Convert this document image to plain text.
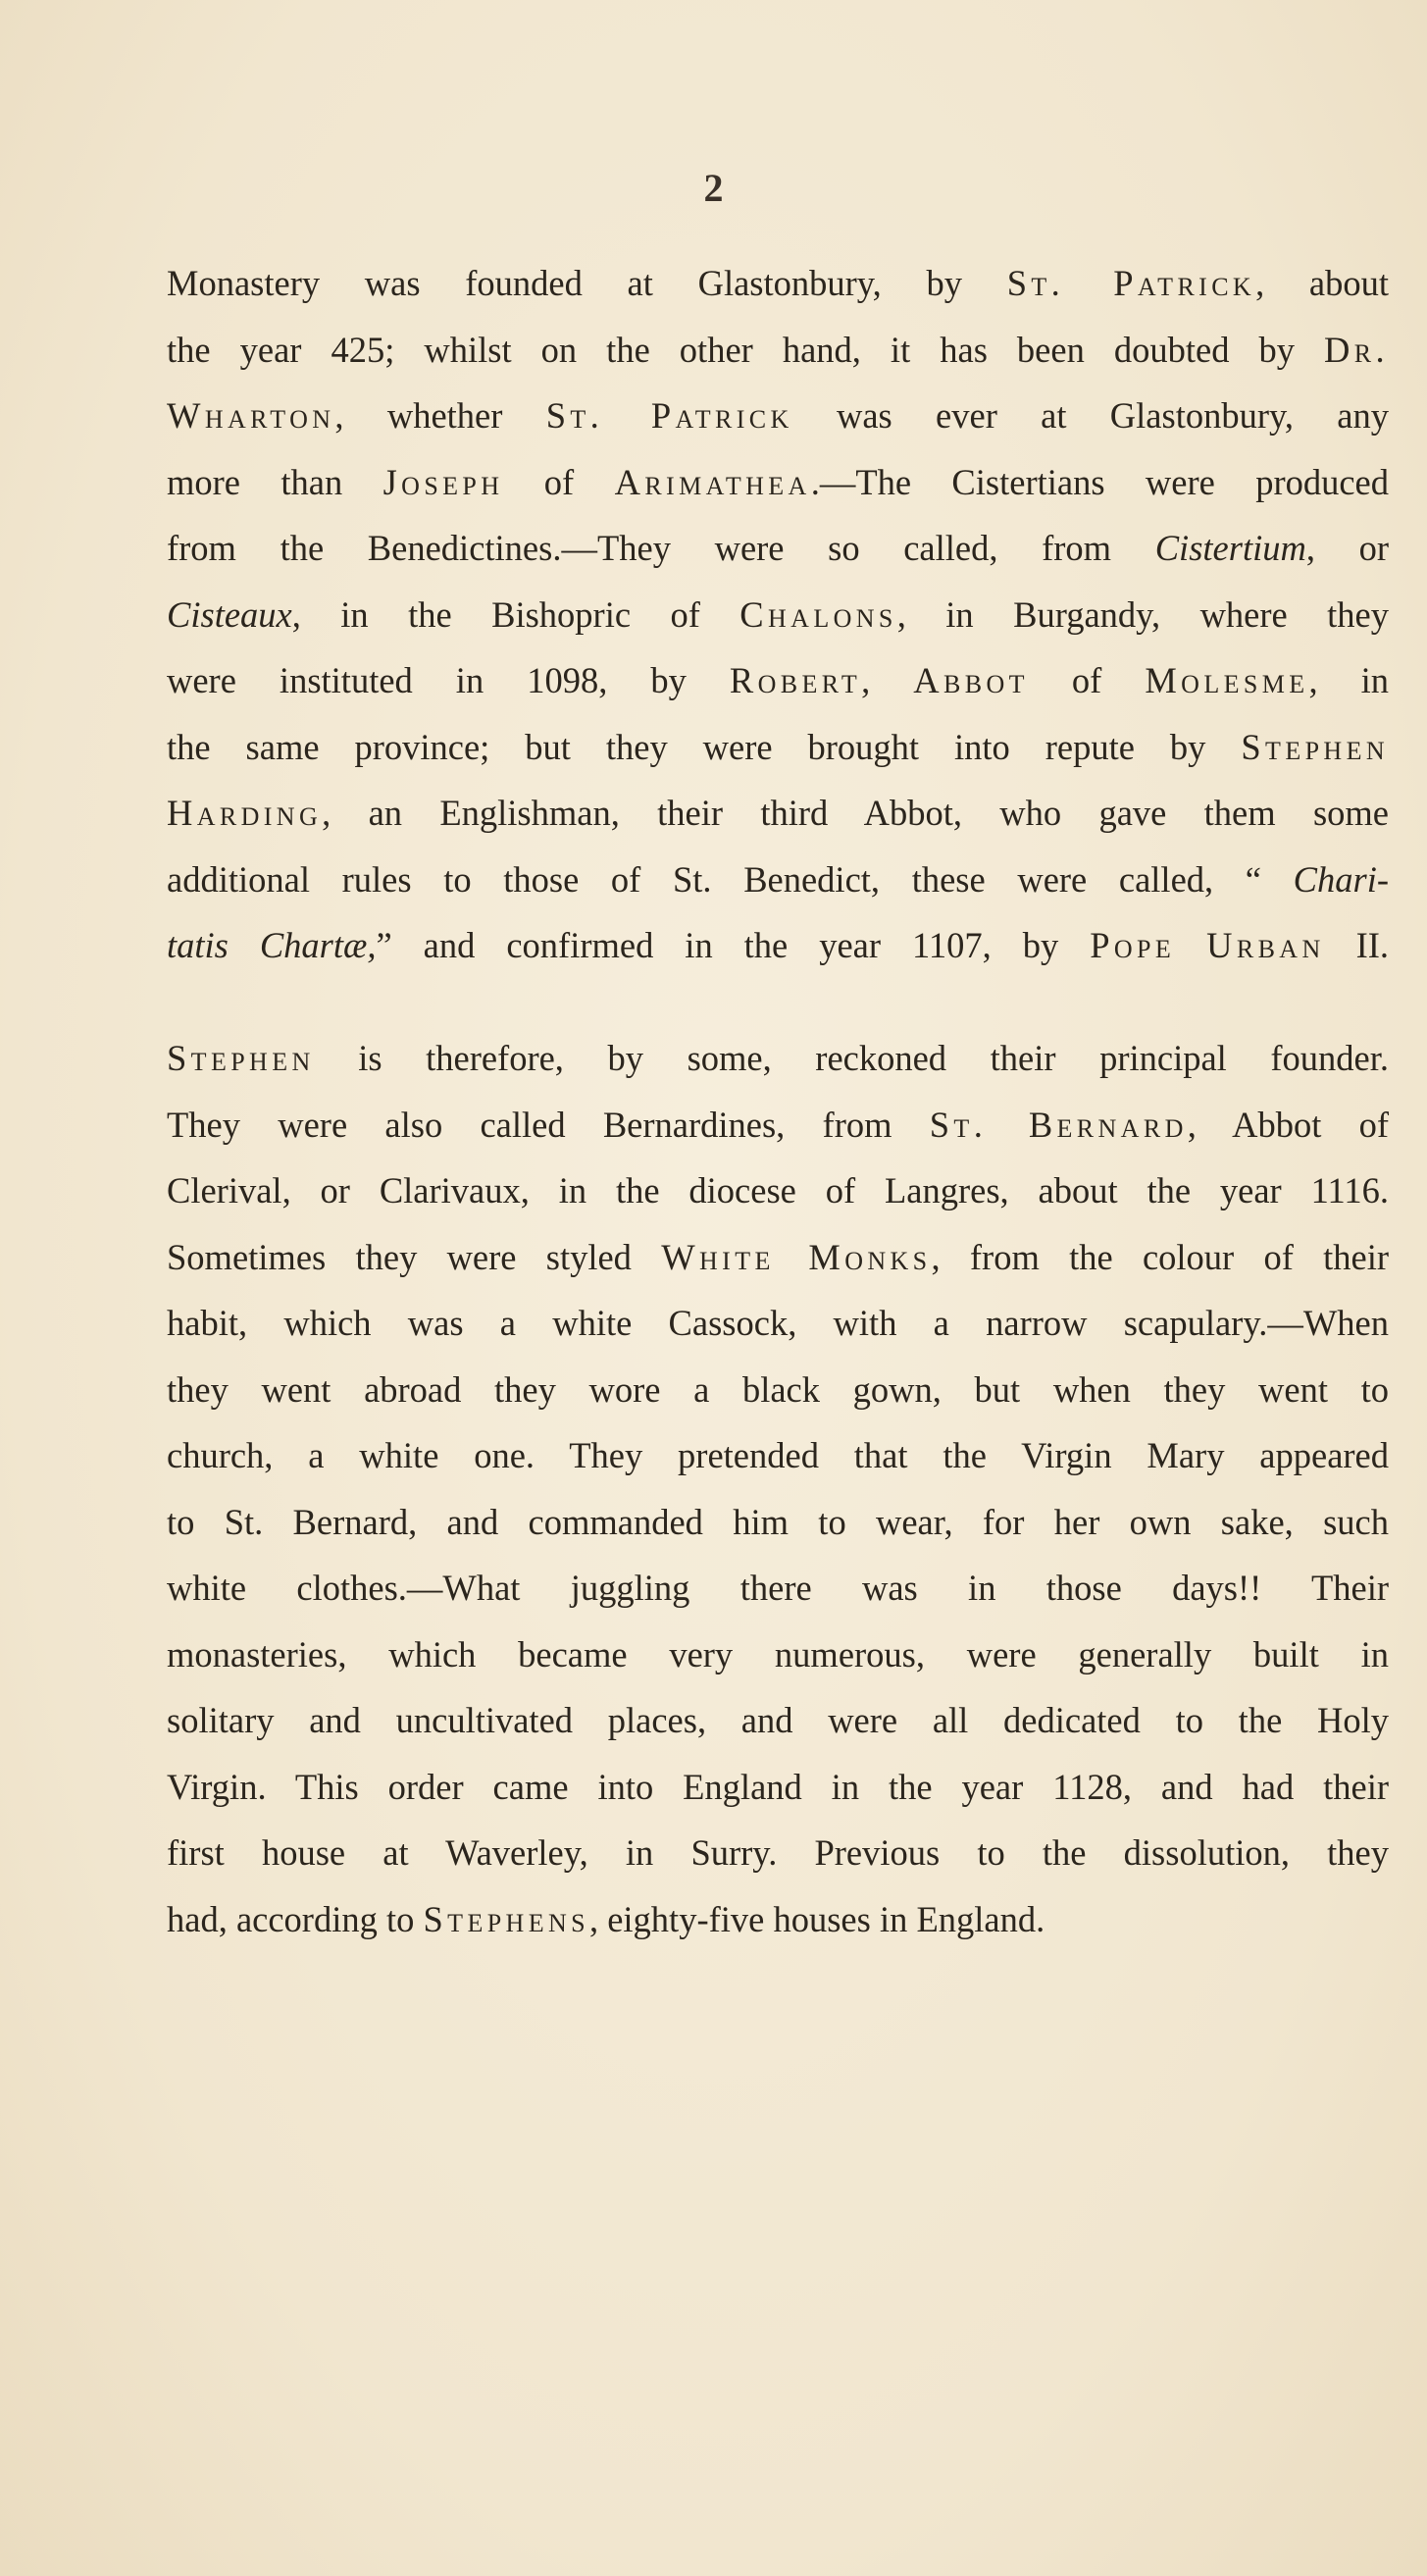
2
Monastery was founded at Glastonbury, by St. Patrick, about
the year 425; whilst on the other hand, it has been doubted by Dr.
Wharton, whether St. Patrick was ever at Glastonbury, any
more than Joseph of Arimathea.—The Cistertians were produced
from the Benedictines.—They were so called, from Cistertium, or
Cisteaux, in the Bishopric of Chalons, in Burgandy, where they
were instituted in 1098, by Robert, Abbot of Molesme, in
the same province; but they were brought into repute by Stephen
Harding, an Englishman, their third Abbot, who gave them some
additional rules to those of St. Benedict, these were called, “ Chari-
tatis Chartæ,” and confirmed in the year 1107, by Pope Urban II.
Stephen is therefore, by some, reckoned their principal founder.
They were also called Bernardines, from St. Bernard, Abbot of
Clerival, or Clarivaux, in the diocese of Langres, about the year 1116.
Sometimes they were styled White Monks, from the colour of their
habit, which was a white Cassock, with a narrow scapulary.—When
they went abroad they wore a black gown, but when they went to
church, a white one. They pretended that the Virgin Mary appeared
to St. Bernard, and commanded him to wear, for her own sake, such
white clothes.—What juggling there was in those days!! Their
monasteries, which became very numerous, were generally built in
solitary and uncultivated places, and were all dedicated to the Holy
Virgin. This order came into England in the year 1128, and had their
first house at Waverley, in Surry. Previous to the dissolution, they
had, according to Stephens, eighty-five houses in England.
